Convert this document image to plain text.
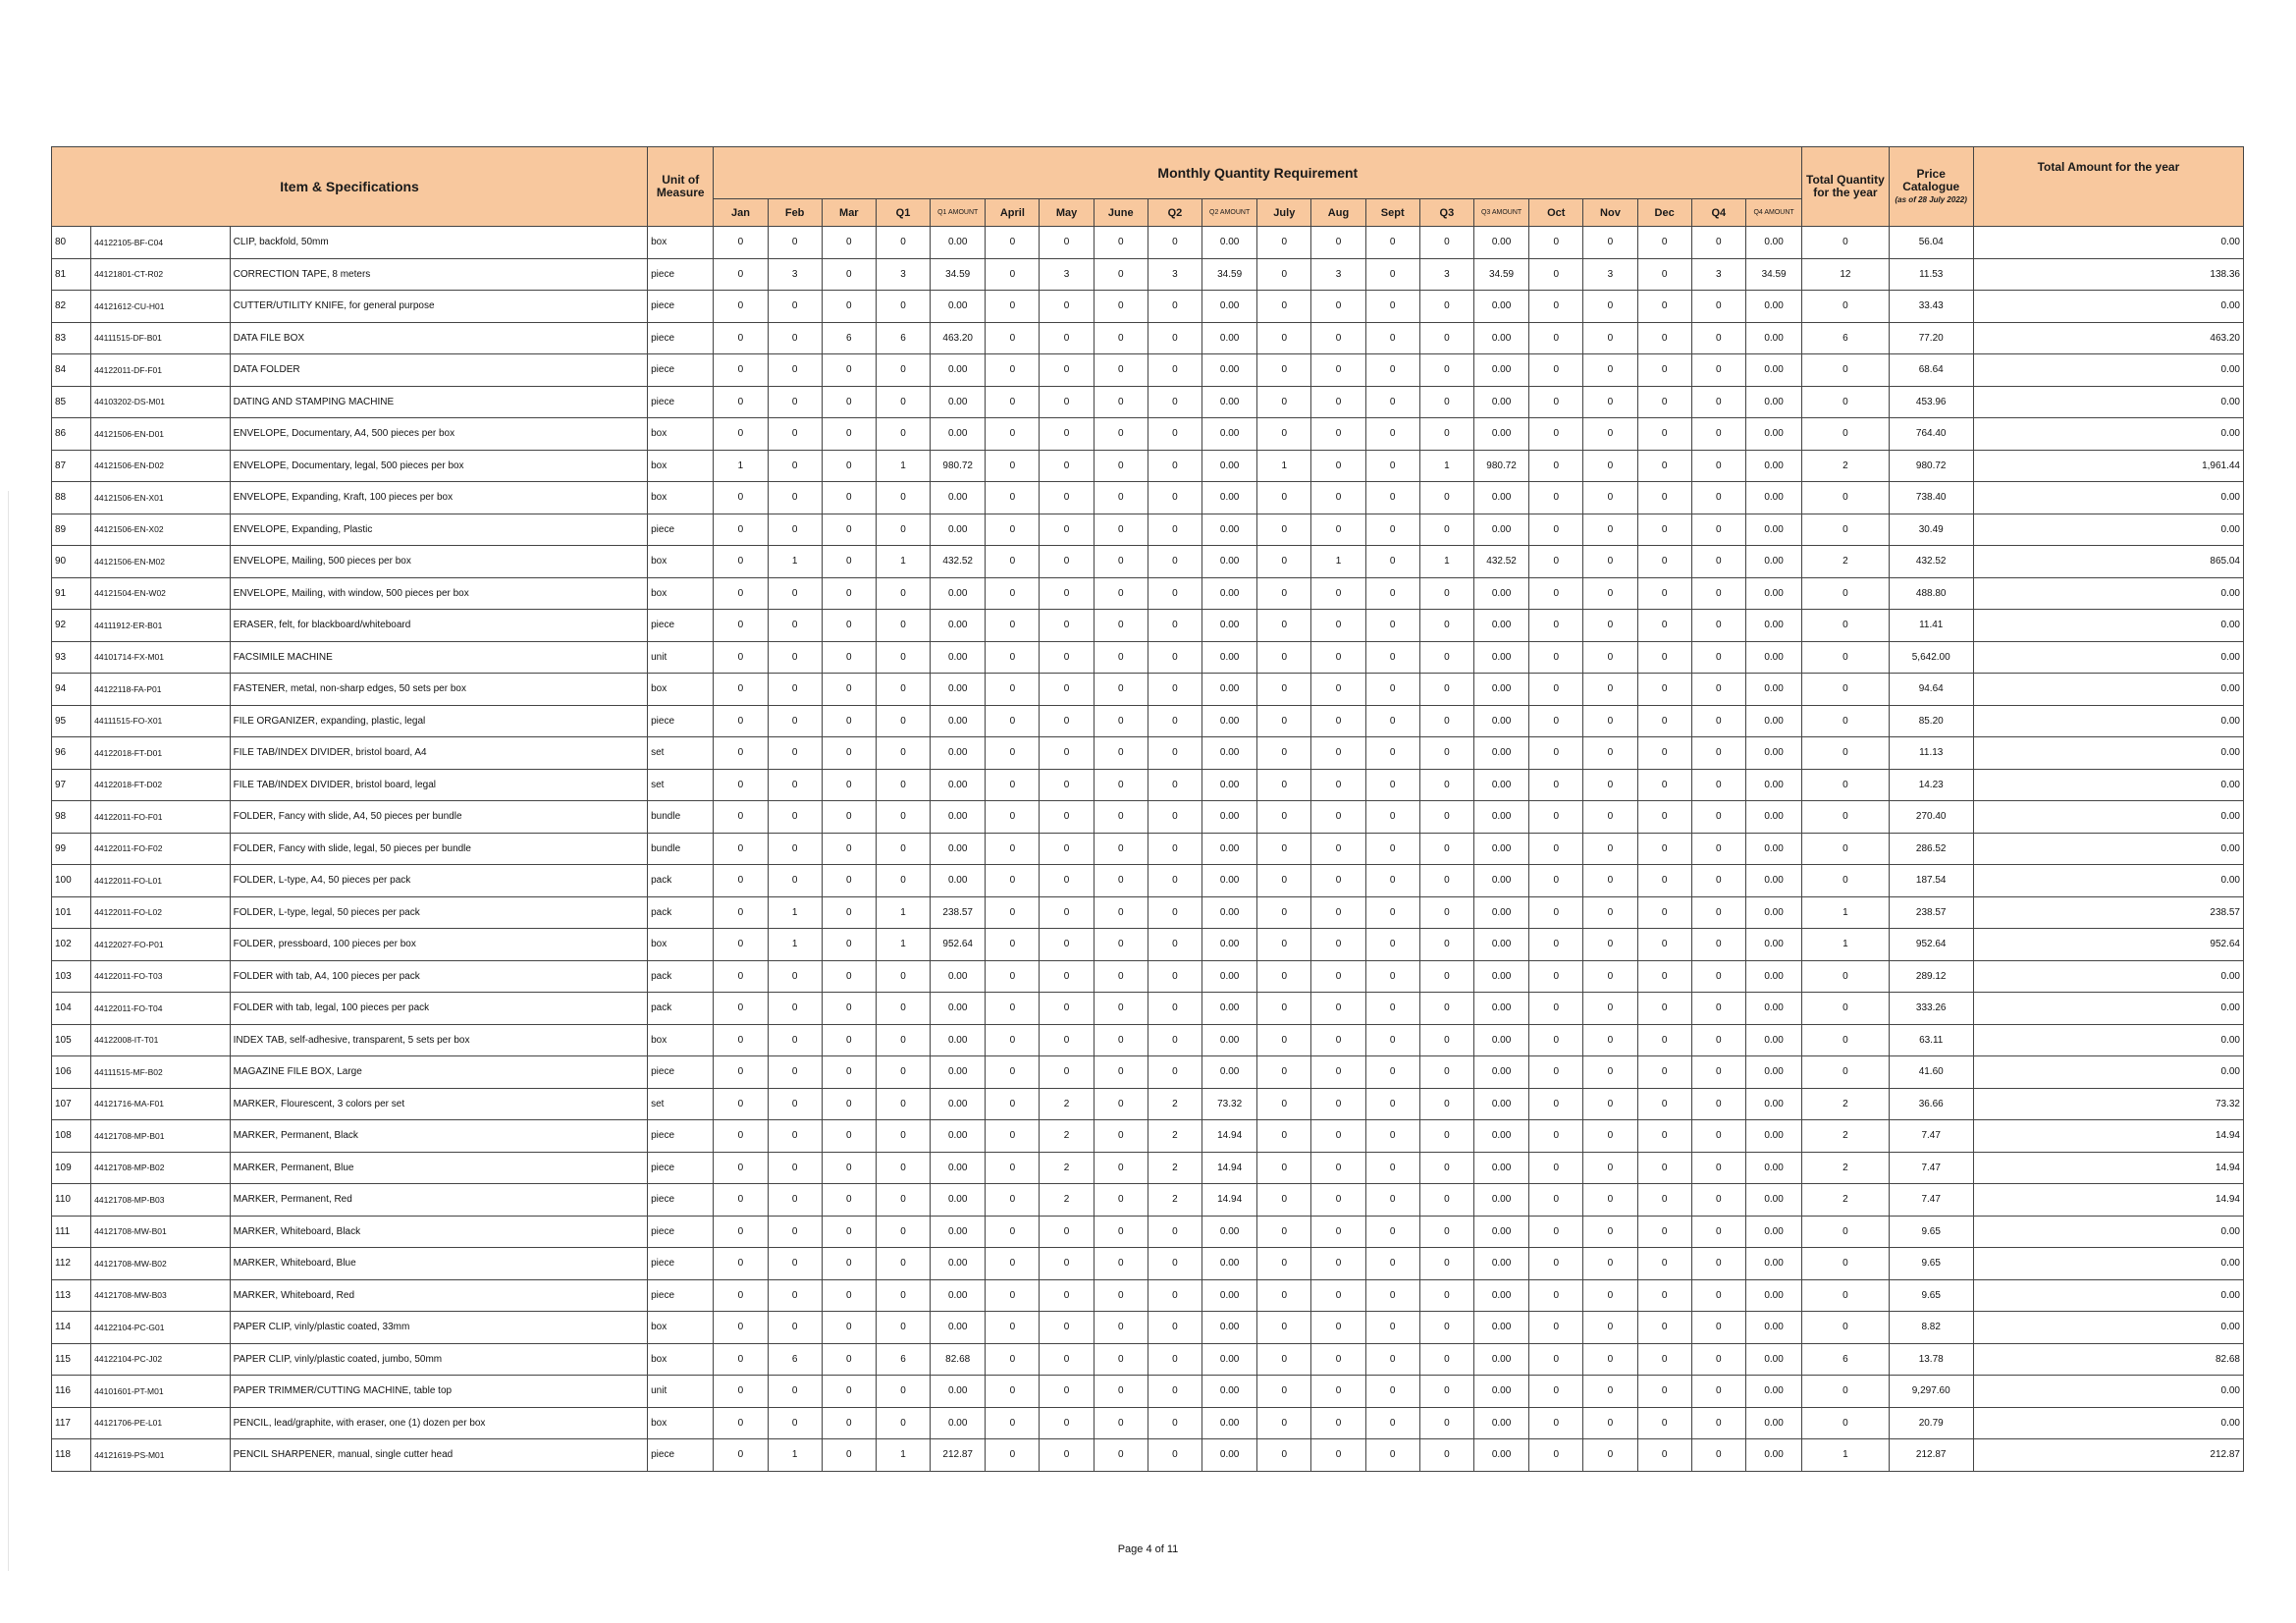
Item & Specifications			Unit of Measure	Monthly Quantity Requirement																				Total Quantity for the year	Price Catalogue
(as of 28 July 2022)	Total Amount for the year
				Jan	Feb	Mar	Q1	Q1 AMOUNT	April	May	June	Q2	Q2 AMOUNT	July	Aug	Sept	Q3	Q3 AMOUNT	Oct	Nov	Dec	Q4	Q4 AMOUNT			
80	44122105-BF-C04	CLIP, backfold, 50mm	box	0	0	0	0	0.00	0	0	0	0	0.00	0	0	0	0	0.00	0	0	0	0	0.00	0	56.04	0.00
81	44121801-CT-R02	CORRECTION TAPE, 8 meters	piece	0	3	0	3	34.59	0	3	0	3	34.59	0	3	0	3	34.59	0	3	0	3	34.59	12	11.53	138.36
82	44121612-CU-H01	CUTTER/UTILITY KNIFE, for general purpose	piece	0	0	0	0	0.00	0	0	0	0	0.00	0	0	0	0	0.00	0	0	0	0	0.00	0	33.43	0.00
83	44111515-DF-B01	DATA FILE BOX	piece	0	0	6	6	463.20	0	0	0	0	0.00	0	0	0	0	0.00	0	0	0	0	0.00	6	77.20	463.20
84	44122011-DF-F01	DATA FOLDER	piece	0	0	0	0	0.00	0	0	0	0	0.00	0	0	0	0	0.00	0	0	0	0	0.00	0	68.64	0.00
85	44103202-DS-M01	DATING AND STAMPING MACHINE	piece	0	0	0	0	0.00	0	0	0	0	0.00	0	0	0	0	0.00	0	0	0	0	0.00	0	453.96	0.00
86	44121506-EN-D01	ENVELOPE, Documentary, A4, 500 pieces per box	box	0	0	0	0	0.00	0	0	0	0	0.00	0	0	0	0	0.00	0	0	0	0	0.00	0	764.40	0.00
87	44121506-EN-D02	ENVELOPE, Documentary, legal, 500 pieces per box	box	1	0	0	1	980.72	0	0	0	0	0.00	1	0	0	1	980.72	0	0	0	0	0.00	2	980.72	1,961.44
88	44121506-EN-X01	ENVELOPE, Expanding, Kraft, 100 pieces per box	box	0	0	0	0	0.00	0	0	0	0	0.00	0	0	0	0	0.00	0	0	0	0	0.00	0	738.40	0.00
89	44121506-EN-X02	ENVELOPE, Expanding, Plastic	piece	0	0	0	0	0.00	0	0	0	0	0.00	0	0	0	0	0.00	0	0	0	0	0.00	0	30.49	0.00
90	44121506-EN-M02	ENVELOPE, Mailing, 500 pieces per box	box	0	1	0	1	432.52	0	0	0	0	0.00	0	1	0	1	432.52	0	0	0	0	0.00	2	432.52	865.04
91	44121504-EN-W02	ENVELOPE, Mailing, with window, 500 pieces per box	box	0	0	0	0	0.00	0	0	0	0	0.00	0	0	0	0	0.00	0	0	0	0	0.00	0	488.80	0.00
92	44111912-ER-B01	ERASER, felt, for blackboard/whiteboard	piece	0	0	0	0	0.00	0	0	0	0	0.00	0	0	0	0	0.00	0	0	0	0	0.00	0	11.41	0.00
93	44101714-FX-M01	FACSIMILE MACHINE	unit	0	0	0	0	0.00	0	0	0	0	0.00	0	0	0	0	0.00	0	0	0	0	0.00	0	5,642.00	0.00
94	44122118-FA-P01	FASTENER, metal, non-sharp edges, 50 sets per box	box	0	0	0	0	0.00	0	0	0	0	0.00	0	0	0	0	0.00	0	0	0	0	0.00	0	94.64	0.00
95	44111515-FO-X01	FILE ORGANIZER, expanding, plastic, legal	piece	0	0	0	0	0.00	0	0	0	0	0.00	0	0	0	0	0.00	0	0	0	0	0.00	0	85.20	0.00
96	44122018-FT-D01	FILE TAB/INDEX DIVIDER, bristol board, A4	set	0	0	0	0	0.00	0	0	0	0	0.00	0	0	0	0	0.00	0	0	0	0	0.00	0	11.13	0.00
97	44122018-FT-D02	FILE TAB/INDEX DIVIDER, bristol board, legal	set	0	0	0	0	0.00	0	0	0	0	0.00	0	0	0	0	0.00	0	0	0	0	0.00	0	14.23	0.00
98	44122011-FO-F01	FOLDER, Fancy with slide, A4, 50 pieces per bundle	bundle	0	0	0	0	0.00	0	0	0	0	0.00	0	0	0	0	0.00	0	0	0	0	0.00	0	270.40	0.00
99	44122011-FO-F02	FOLDER, Fancy with slide, legal, 50 pieces per bundle	bundle	0	0	0	0	0.00	0	0	0	0	0.00	0	0	0	0	0.00	0	0	0	0	0.00	0	286.52	0.00
100	44122011-FO-L01	FOLDER, L-type, A4, 50 pieces per pack	pack	0	0	0	0	0.00	0	0	0	0	0.00	0	0	0	0	0.00	0	0	0	0	0.00	0	187.54	0.00
101	44122011-FO-L02	FOLDER, L-type, legal, 50 pieces per pack	pack	0	1	0	1	238.57	0	0	0	0	0.00	0	0	0	0	0.00	0	0	0	0	0.00	1	238.57	238.57
102	44122027-FO-P01	FOLDER, pressboard, 100 pieces per box	box	0	1	0	1	952.64	0	0	0	0	0.00	0	0	0	0	0.00	0	0	0	0	0.00	1	952.64	952.64
103	44122011-FO-T03	FOLDER with tab, A4, 100 pieces per pack	pack	0	0	0	0	0.00	0	0	0	0	0.00	0	0	0	0	0.00	0	0	0	0	0.00	0	289.12	0.00
104	44122011-FO-T04	FOLDER with tab, legal, 100 pieces per pack	pack	0	0	0	0	0.00	0	0	0	0	0.00	0	0	0	0	0.00	0	0	0	0	0.00	0	333.26	0.00
105	44122008-IT-T01	INDEX TAB, self-adhesive, transparent, 5 sets per box	box	0	0	0	0	0.00	0	0	0	0	0.00	0	0	0	0	0.00	0	0	0	0	0.00	0	63.11	0.00
106	44111515-MF-B02	MAGAZINE FILE BOX, Large	piece	0	0	0	0	0.00	0	0	0	0	0.00	0	0	0	0	0.00	0	0	0	0	0.00	0	41.60	0.00
107	44121716-MA-F01	MARKER, Flourescent, 3 colors per set	set	0	0	0	0	0.00	0	2	0	2	73.32	0	0	0	0	0.00	0	0	0	0	0.00	2	36.66	73.32
108	44121708-MP-B01	MARKER, Permanent, Black	piece	0	0	0	0	0.00	0	2	0	2	14.94	0	0	0	0	0.00	0	0	0	0	0.00	2	7.47	14.94
109	44121708-MP-B02	MARKER, Permanent, Blue	piece	0	0	0	0	0.00	0	2	0	2	14.94	0	0	0	0	0.00	0	0	0	0	0.00	2	7.47	14.94
110	44121708-MP-B03	MARKER, Permanent, Red	piece	0	0	0	0	0.00	0	2	0	2	14.94	0	0	0	0	0.00	0	0	0	0	0.00	2	7.47	14.94
111	44121708-MW-B01	MARKER, Whiteboard, Black	piece	0	0	0	0	0.00	0	0	0	0	0.00	0	0	0	0	0.00	0	0	0	0	0.00	0	9.65	0.00
112	44121708-MW-B02	MARKER, Whiteboard, Blue	piece	0	0	0	0	0.00	0	0	0	0	0.00	0	0	0	0	0.00	0	0	0	0	0.00	0	9.65	0.00
113	44121708-MW-B03	MARKER, Whiteboard, Red	piece	0	0	0	0	0.00	0	0	0	0	0.00	0	0	0	0	0.00	0	0	0	0	0.00	0	9.65	0.00
114	44122104-PC-G01	PAPER CLIP, vinly/plastic coated, 33mm	box	0	0	0	0	0.00	0	0	0	0	0.00	0	0	0	0	0.00	0	0	0	0	0.00	0	8.82	0.00
115	44122104-PC-J02	PAPER CLIP, vinly/plastic coated, jumbo, 50mm	box	0	6	0	6	82.68	0	0	0	0	0.00	0	0	0	0	0.00	0	0	0	0	0.00	6	13.78	82.68
116	44101601-PT-M01	PAPER TRIMMER/CUTTING MACHINE, table top	unit	0	0	0	0	0.00	0	0	0	0	0.00	0	0	0	0	0.00	0	0	0	0	0.00	0	9,297.60	0.00
117	44121706-PE-L01	PENCIL, lead/graphite, with eraser, one (1) dozen per box	box	0	0	0	0	0.00	0	0	0	0	0.00	0	0	0	0	0.00	0	0	0	0	0.00	0	20.79	0.00
118	44121619-PS-M01	PENCIL SHARPENER, manual, single cutter head	piece	0	1	0	1	212.87	0	0	0	0	0.00	0	0	0	0	0.00	0	0	0	0	0.00	1	212.87	212.87
Page 4 of 11
